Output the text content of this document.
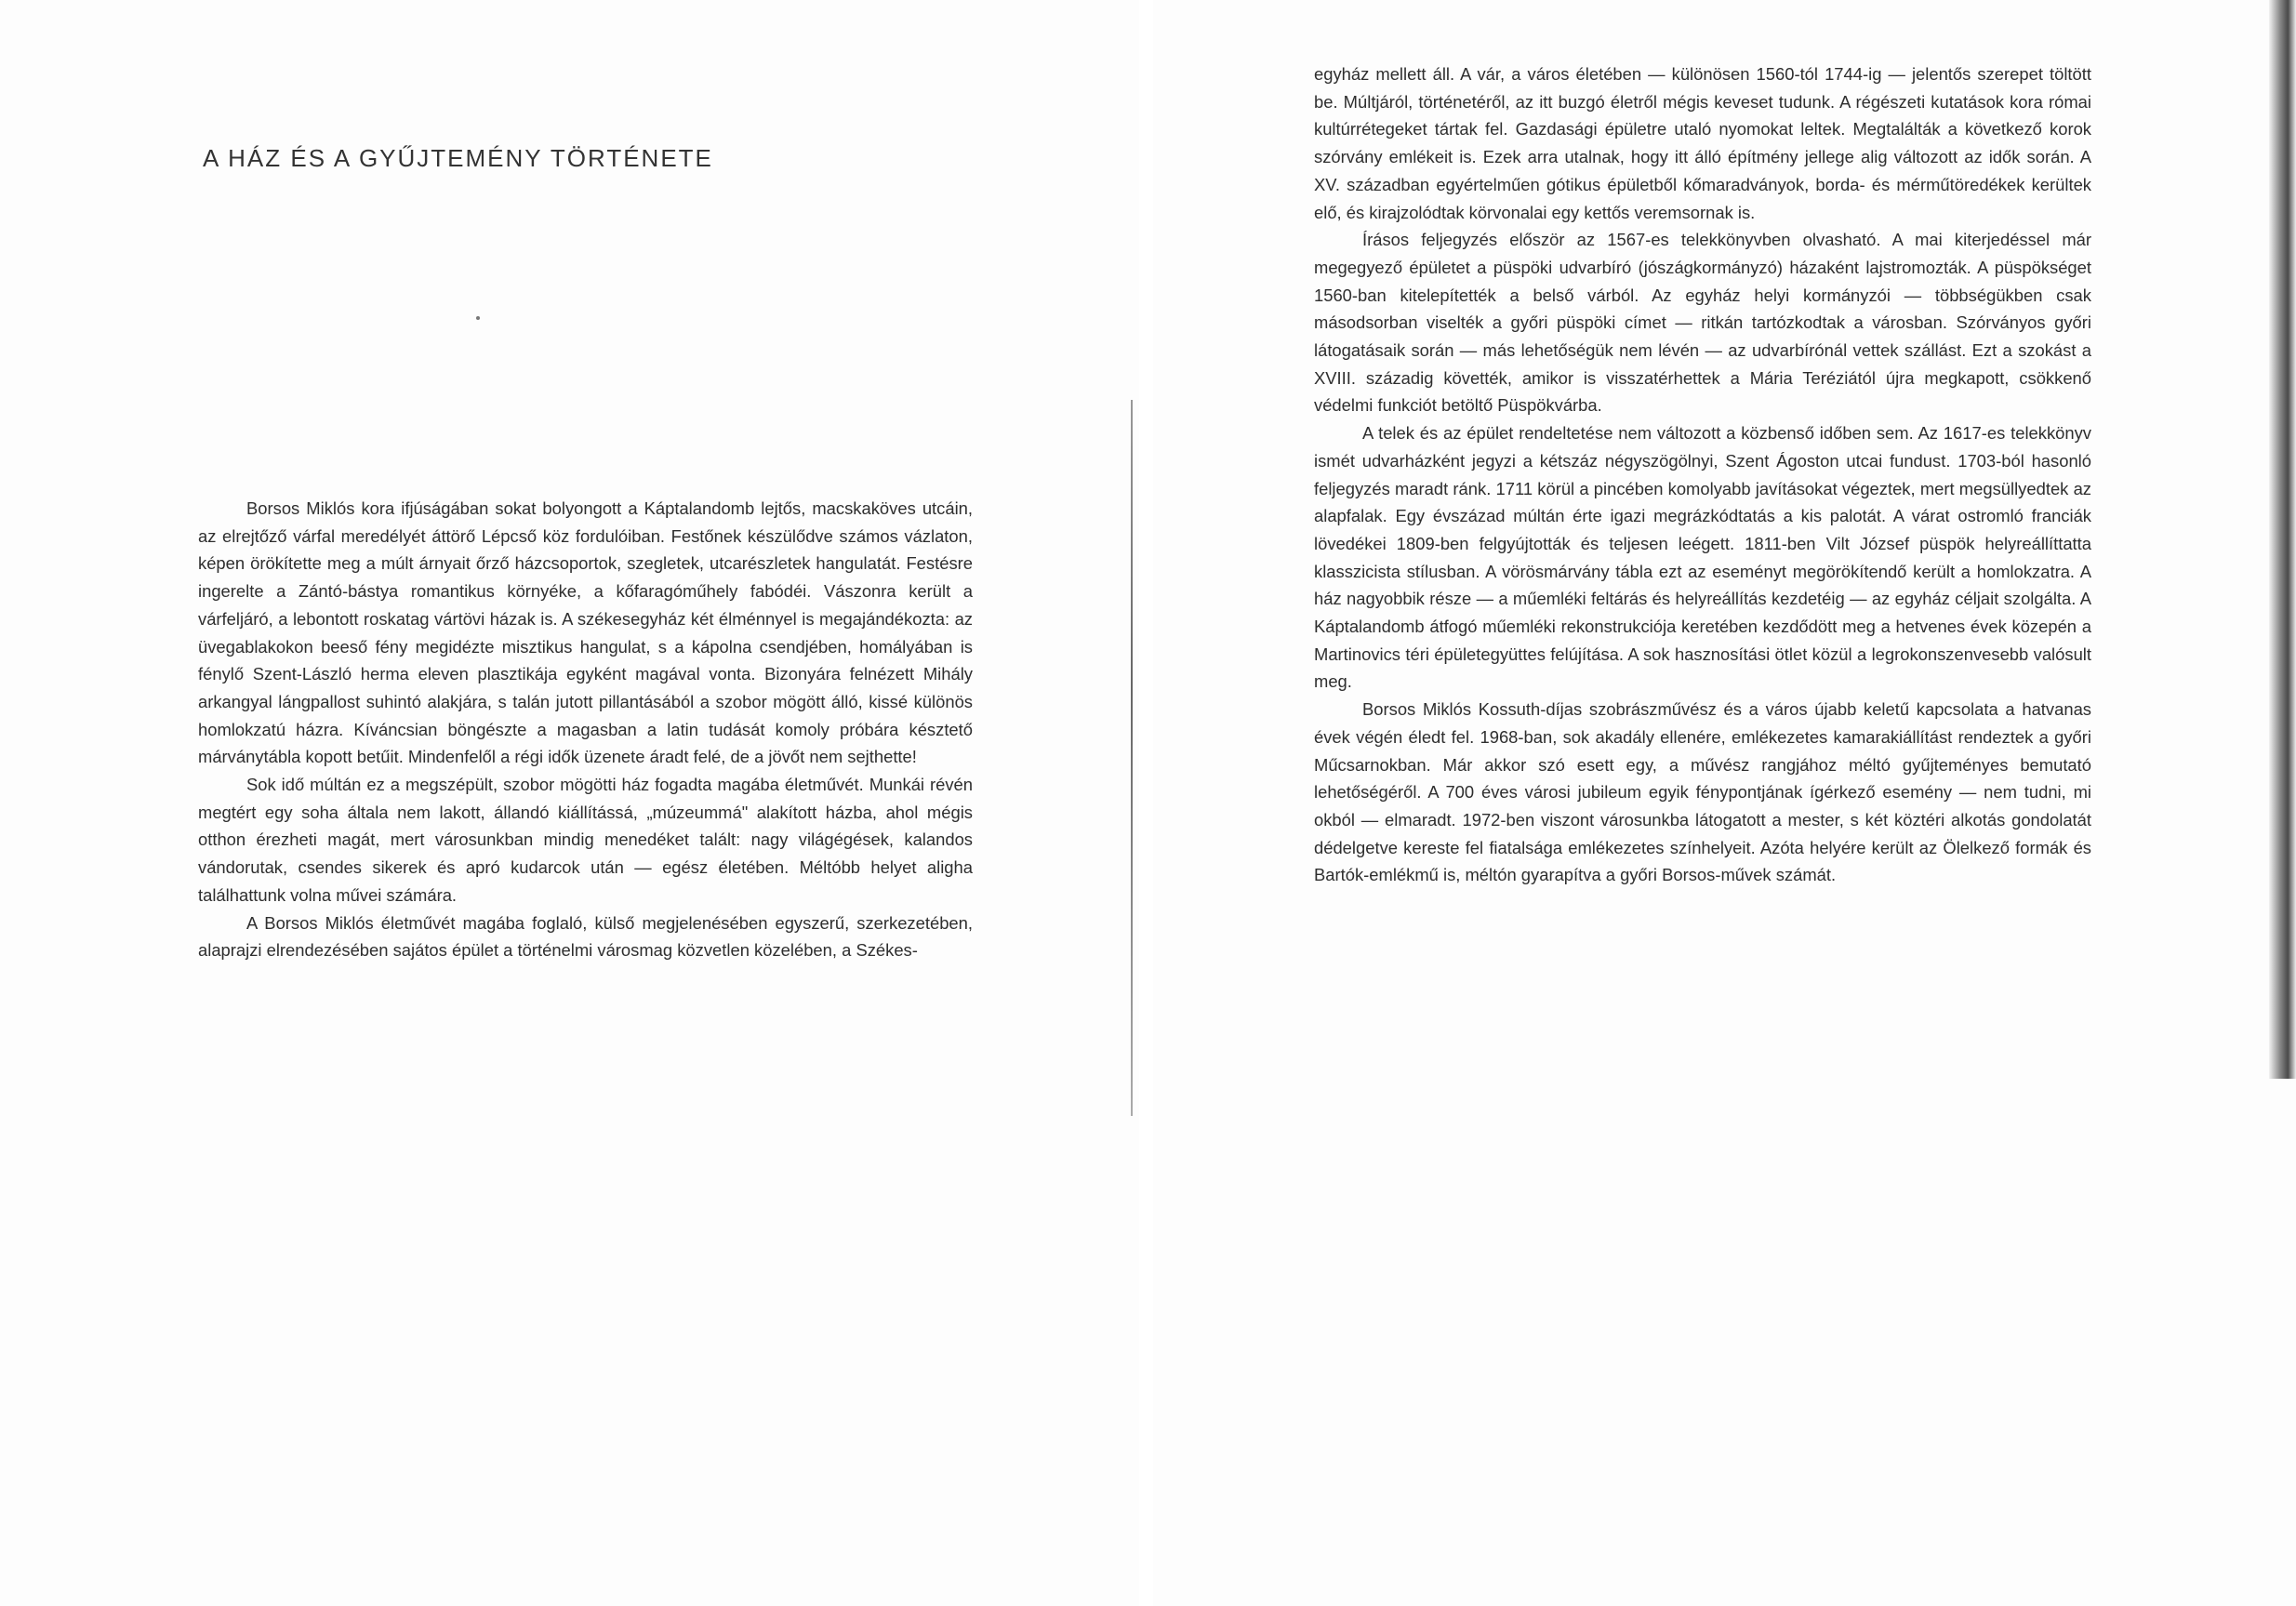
A HÁZ ÉS A GYŰJTEMÉNY TÖRTÉNETE

Borsos Miklós kora ifjúságában sokat bolyongott a Káptalandomb lejtős, macskaköves utcáin, az elrejtőző várfal meredélyét áttörő Lépcső köz fordulóiban. Festőnek készülődve számos vázlaton, képen örökítette meg a múlt árnyait őrző házcsoportok, szegletek, utcarészletek hangulatát. Festésre ingerelte a Zántó-bástya romantikus környéke, a kőfaragóműhely fabódéi. Vászonra került a várfeljáró, a lebontott roskatag vártövi házak is. A székesegyház két élménnyel is megajándékozta: az üvegablakokon beeső fény megidézte misztikus hangulat, s a kápolna csendjében, homályában is fénylő Szent-László herma eleven plasztikája egyként magával vonta. Bizonyára felnézett Mihály arkangyal lángpallost suhintó alakjára, s talán jutott pillantásából a szobor mögött álló, kissé különös homlokzatú házra. Kíváncsian böngészte a magasban a latin tudását komoly próbára késztető márványtábla kopott betűit. Mindenfelől a régi idők üzenete áradt felé, de a jövőt nem sejthette!

Sok idő múltán ez a megszépült, szobor mögötti ház fogadta magába életművét. Munkái révén megtért egy soha általa nem lakott, állandó kiállítássá, „múzeummá" alakított házba, ahol mégis otthon érezheti magát, mert városunkban mindig menedéket talált: nagy világégések, kalandos vándorutak, csendes sikerek és apró kudarcok után — egész életében. Méltóbb helyet aligha találhattunk volna művei számára.

A Borsos Miklós életművét magába foglaló, külső megjelenésében egyszerű, szerkezetében, alaprajzi elrendezésében sajátos épület a történelmi városmag közvetlen közelében, a Székes-

egyház mellett áll. A vár, a város életében — különösen 1560-tól 1744-ig — jelentős szerepet töltött be. Múltjáról, történetéről, az itt buzgó életről mégis keveset tudunk. A régészeti kutatások kora római kultúrrétegeket tártak fel. Gazdasági épületre utaló nyomokat leltek. Megtalálták a következő korok szórvány emlékeit is. Ezek arra utalnak, hogy itt álló építmény jellege alig változott az idők során. A XV. században egyértelműen gótikus épületből kőmaradványok, borda- és mérműtöredékek kerültek elő, és kirajzolódtak körvonalai egy kettős veremsornak is.

Írásos feljegyzés először az 1567-es telekkönyvben olvasható. A mai kiterjedéssel már megegyező épületet a püspöki udvarbíró (jószágkormányzó) házaként lajstromozták. A püspökséget 1560-ban kitelepítették a belső várból. Az egyház helyi kormányzói — többségükben csak másodsorban viselték a győri püspöki címet — ritkán tartózkodtak a városban. Szórványos győri látogatásaik során — más lehetőségük nem lévén — az udvarbírónál vettek szállást. Ezt a szokást a XVIII. századig követték, amikor is visszatérhettek a Mária Teréziától újra megkapott, csökkenő védelmi funkciót betöltő Püspökvárba.

A telek és az épület rendeltetése nem változott a közbenső időben sem. Az 1617-es telekkönyv ismét udvarházként jegyzi a kétszáz négyszögölnyi, Szent Ágoston utcai fundust. 1703-ból hasonló feljegyzés maradt ránk. 1711 körül a pincében komolyabb javításokat végeztek, mert megsüllyedtek az alapfalak. Egy évszázad múltán érte igazi megrázkódtatás a kis palotát. A várat ostromló franciák lövedékei 1809-ben felgyújtották és teljesen leégett. 1811-ben Vilt József püspök helyreállíttatta klasszicista stílusban. A vörösmárvány tábla ezt az eseményt megörökítendő került a homlokzatra. A ház nagyobbik része — a műemléki feltárás és helyreállítás kezdetéig — az egyház céljait szolgálta. A Káptalandomb átfogó műemléki rekonstrukciója keretében kezdődött meg a hetvenes évek közepén a Martinovics téri épületegyüttes felújítása. A sok hasznosítási ötlet közül a legrokonszenvesebb valósult meg.

Borsos Miklós Kossuth-díjas szobrászművész és a város újabb keletű kapcsolata a hatvanas évek végén éledt fel. 1968-ban, sok akadály ellenére, emlékezetes kamarakiállítást rendeztek a győri Műcsarnokban. Már akkor szó esett egy, a művész rangjához méltó gyűjteményes bemutató lehetőségéről. A 700 éves városi jubileum egyik fénypontjának ígérkező esemény — nem tudni, mi okból — elmaradt. 1972-ben viszont városunkba látogatott a mester, s két köztéri alkotás gondolatát dédelgetve kereste fel fiatalsága emlékezetes színhelyeit. Azóta helyére került az Ölelkező formák és Bartók-emlékmű is, méltón gyarapítva a győri Borsos-művek számát.
